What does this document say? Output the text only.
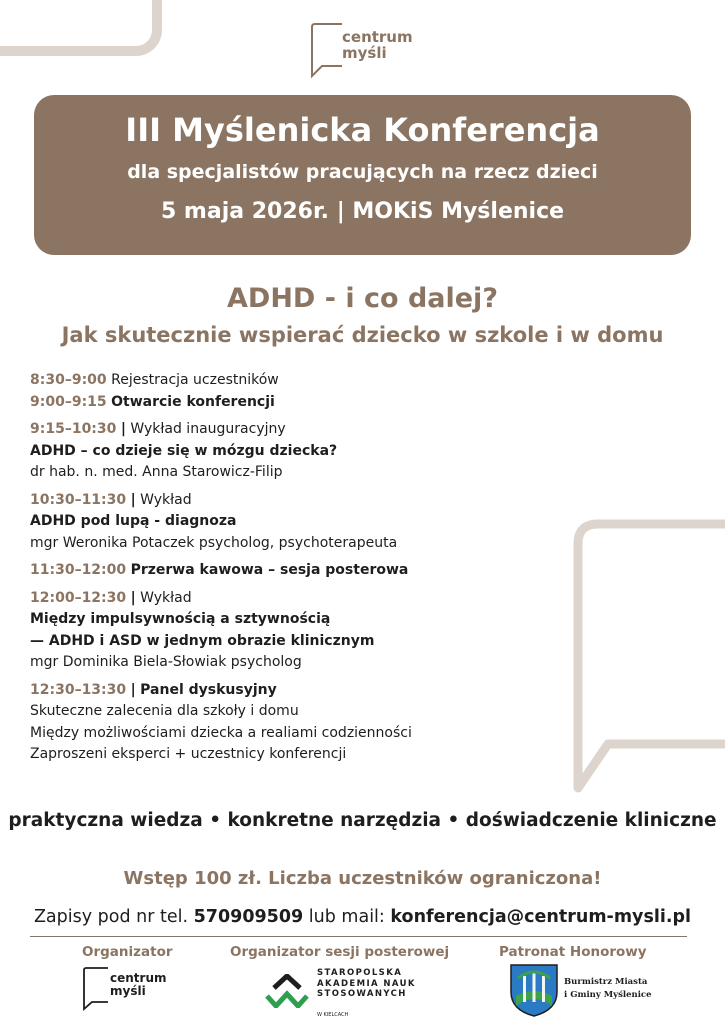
centrum
myśli
III Myślenicka Konferencja
dla specjalistów pracujących na rzecz dzieci
5 maja 2026r. | MOKiS Myślenice
ADHD - i co dalej?
Jak skutecznie wspierać dziecko w szkole i w domu
8:30–9:00 Rejestracja uczestników
9:00–9:15 Otwarcie konferencji
9:15–10:30 | Wykład inauguracyjny
ADHD – co dzieje się w mózgu dziecka?
dr hab. n. med. Anna Starowicz-Filip
10:30–11:30 | Wykład
ADHD pod lupą - diagnoza
mgr Weronika Potaczek psycholog, psychoterapeuta
11:30–12:00 Przerwa kawowa – sesja posterowa
12:00–12:30 | Wykład
Między impulsywnością a sztywnością
— ADHD i ASD w jednym obrazie klinicznym
mgr Dominika Biela-Słowiak psycholog
12:30–13:30 | Panel dyskusyjny
Skuteczne zalecenia dla szkoły i domu
Między możliwościami dziecka a realiami codzienności
Zaproszeni eksperci + uczestnicy konferencji
praktyczna wiedza • konkretne narzędzia • doświadczenie kliniczne
Wstęp 100 zł. Liczba uczestników ograniczona!
Zapisy pod nr tel. 570909509 lub mail: konferencja@centrum-mysli.pl
Organizator	Organizator sesji posterowej	Patronat Honorowy
centrum
myśli
STAROPOLSKA
AKADEMIA NAUK
STOSOWANYCH
W KIELCACH
Burmistrz Miasta
i Gminy Myślenice
